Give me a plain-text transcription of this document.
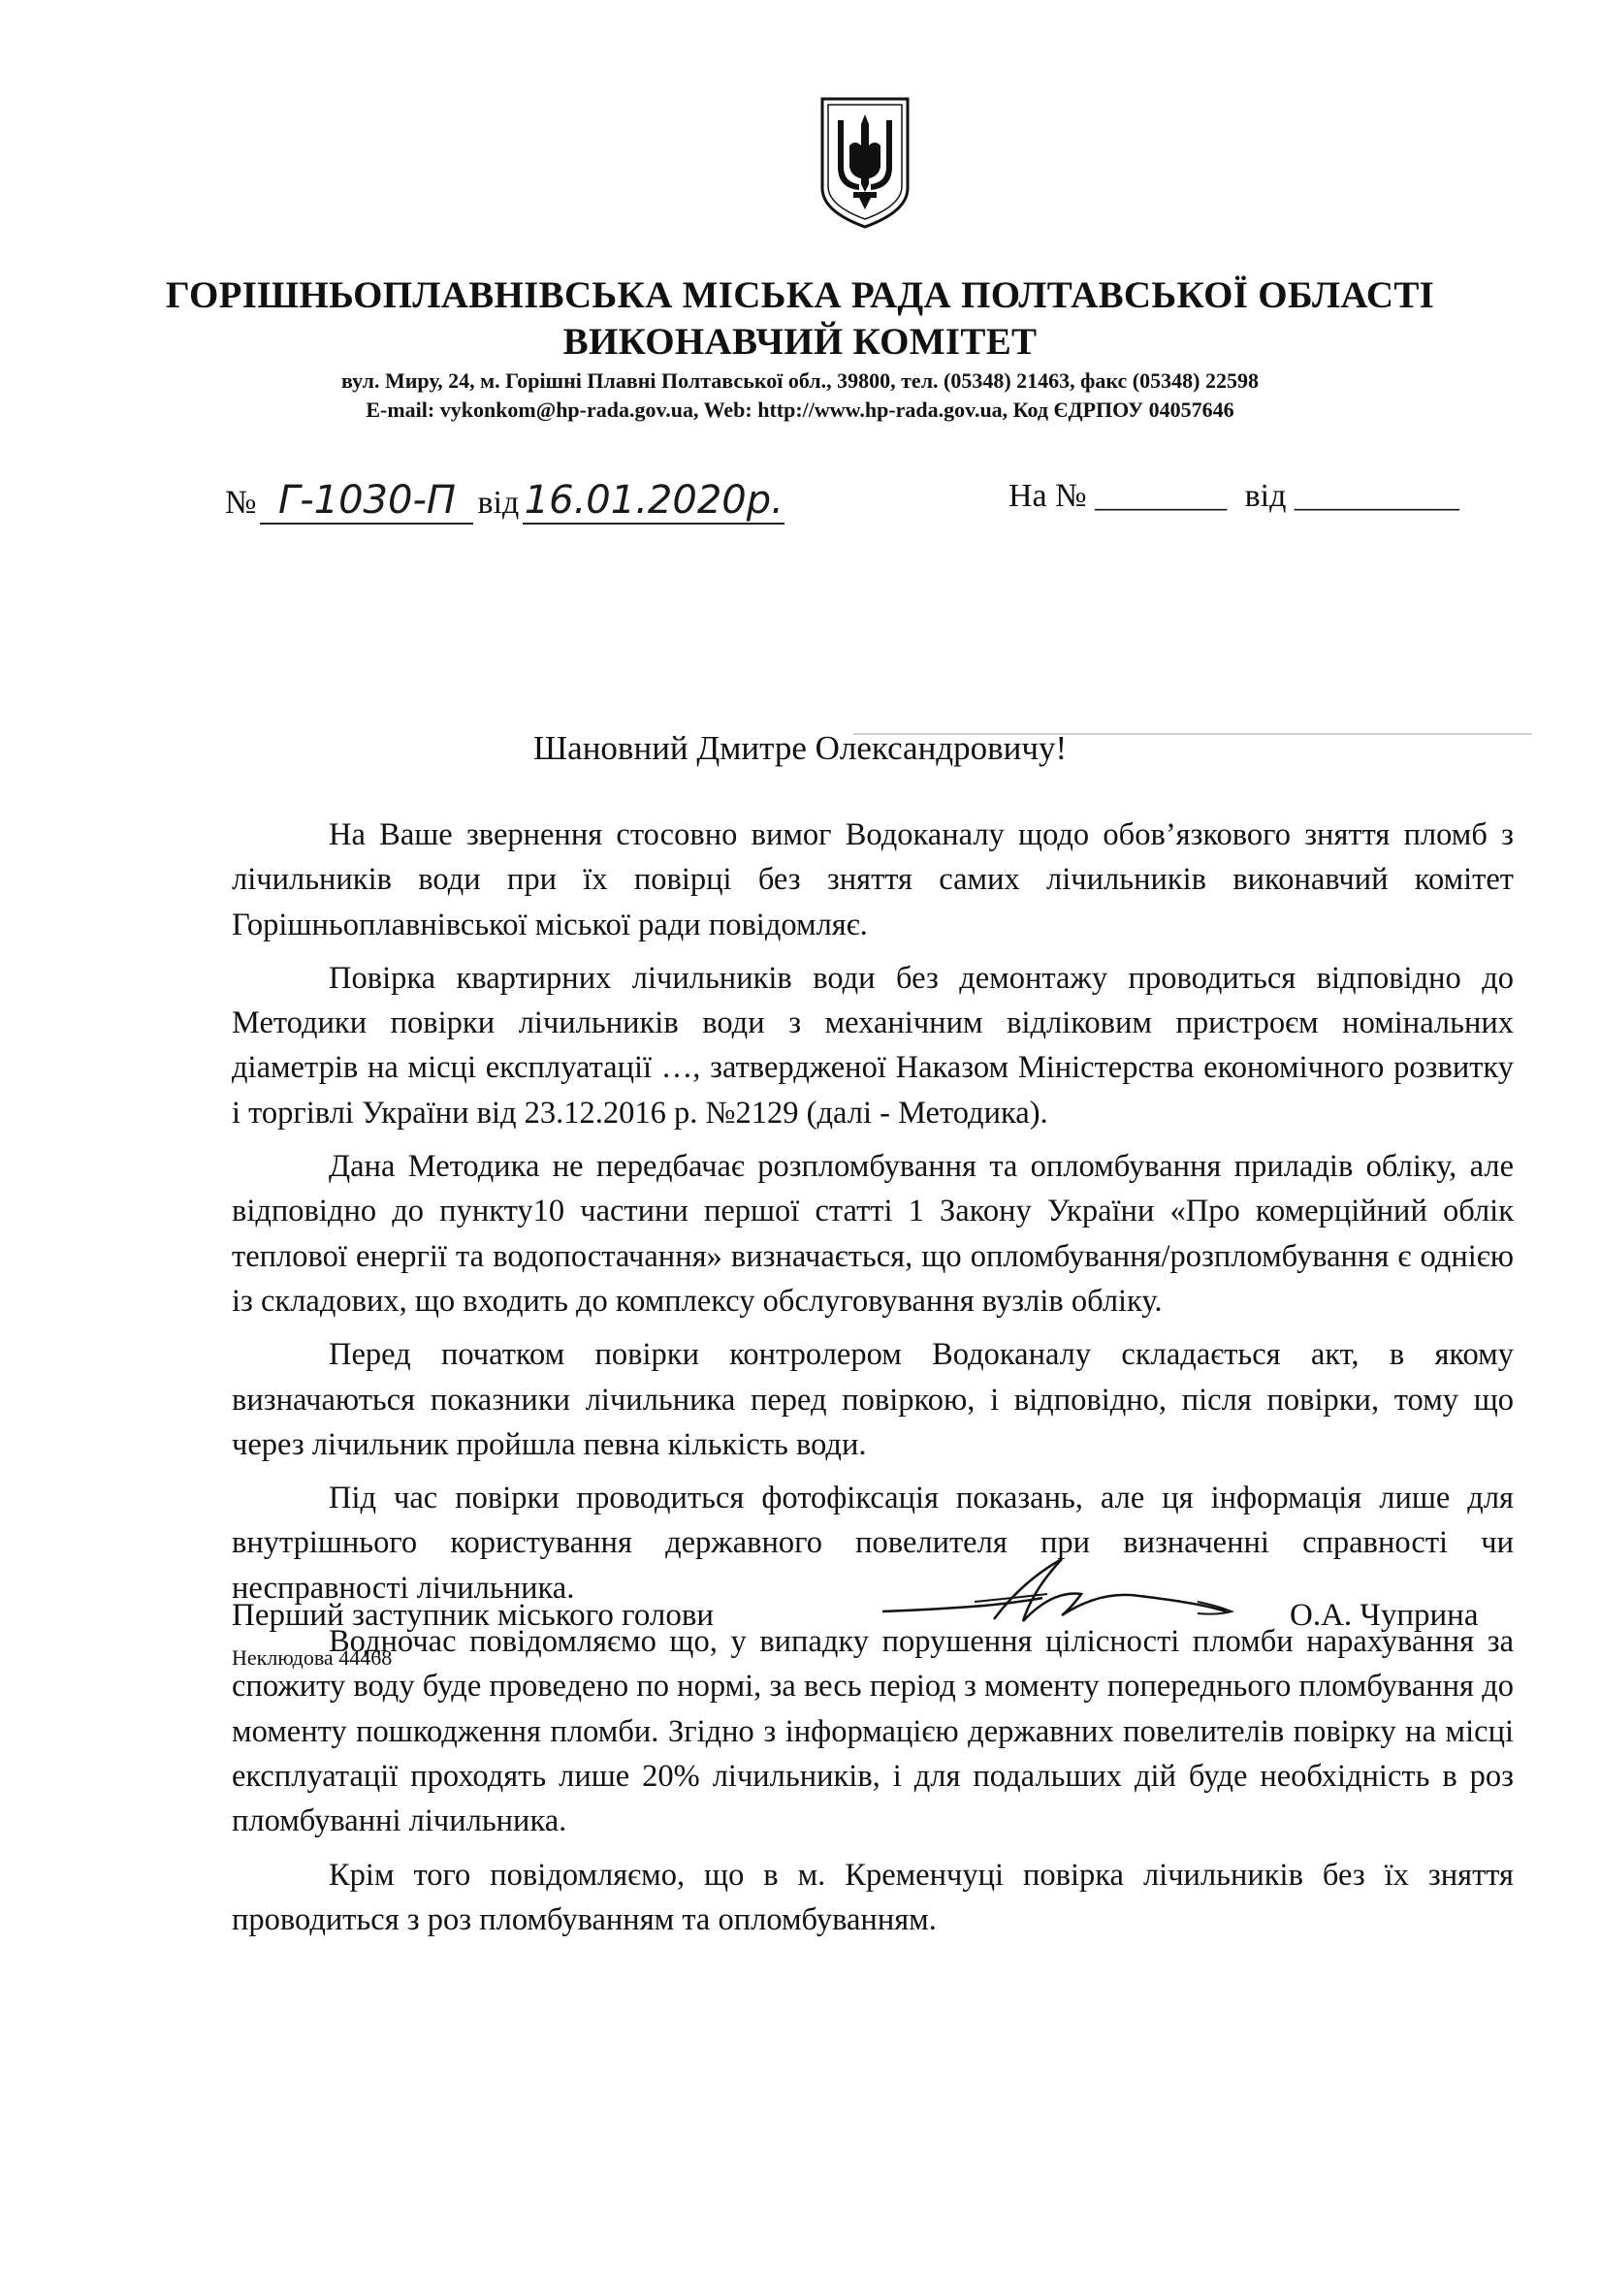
ГОРІШНЬОПЛАВНІВСЬКА МІСЬКА РАДА ПОЛТАВСЬКОЇ ОБЛАСТІ
ВИКОНАВЧИЙ КОМІТЕТ
вул. Миру, 24, м. Горішні Плавні Полтавської обл., 39800, тел. (05348) 21463, факс (05348) 22598
E-mail: vykonkom@hp-rada.gov.ua, Web: http://www.hp-rada.gov.ua, Код ЄДРПОУ 04057646
№ Г-1030-П від 16.01.2020р.	На № ________ від __________
Шановний Дмитре Олександровичу!

На Ваше звернення стосовно вимог Водоканалу щодо обов’язкового зняття пломб з лічильників води при їх повірці без зняття самих лічильників виконавчий комітет Горішньоплавнівської міської ради повідомляє.

Повірка квартирних лічильників води без демонтажу проводиться відповідно до Методики повірки лічильників води з механічним відліковим пристроєм номінальних діаметрів на місці експлуатації …, затвердженої Наказом Міністерства економічного розвитку і торгівлі України від 23.12.2016 р. №2129 (далі - Методика).

Дана Методика не передбачає розпломбування та опломбування приладів обліку, але відповідно до пункту10 частини першої статті 1 Закону України «Про комерційний облік теплової енергії та водопостачання» визначається, що опломбування/розпломбування є однією із складових, що входить до комплексу обслуговування вузлів обліку.

Перед початком повірки контролером Водоканалу складається акт, в якому визначаються показники лічильника перед повіркою, і відповідно, після повірки, тому що через лічильник пройшла певна кількість води.

Під час повірки проводиться фотофіксація показань, але ця інформація лише для внутрішнього користування державного повелителя при визначенні справності чи несправності лічильника.

Водночас повідомляємо що, у випадку порушення цілісності пломби нарахування за спожиту воду буде проведено по нормі, за весь період з моменту попереднього пломбування до моменту пошкодження пломби. Згідно з інформацією державних повелителів повірку на місці експлуатації проходять лише 20% лічильників, і для подальших дій буде необхідність в роз пломбуванні лічильника.

Крім того повідомляємо, що в м. Кременчуці повірка лічильників без їх зняття проводиться з роз пломбуванням та опломбуванням.

Перший заступник міського голови	О.А. Чуприна
Неклюдова 44468
